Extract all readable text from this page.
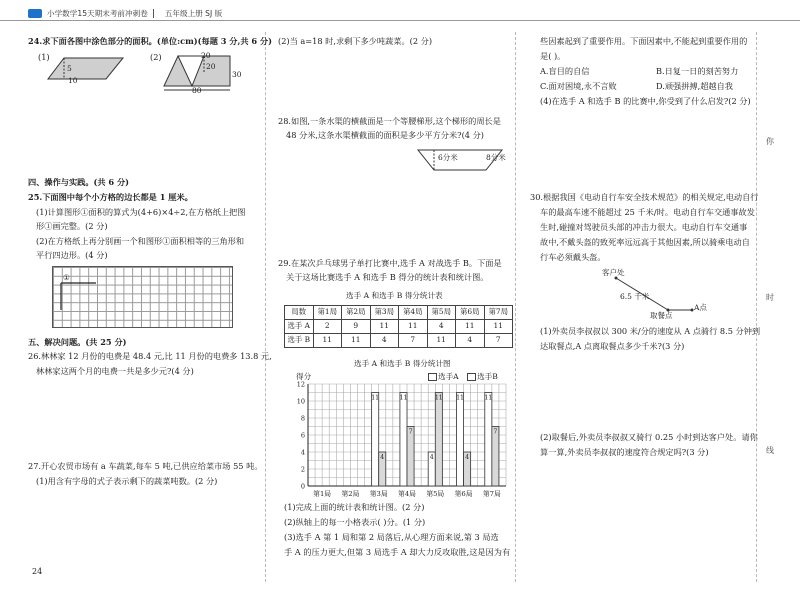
小学数学15天期末考前冲刺卷 五年级上册 SJ 版
你
时
线
24.求下面各图中涂色部分的面积。(单位:cm)(每题 3 分,共 6 分)
(1)
5
10
(2)	20
20
30
80
四、操作与实践。(共 6 分)
25.下面图中每个小方格的边长都是 1 厘米。
(1)计算图形①面积的算式为(4+6)×4÷2,在方格纸上把图
形①画完整。(2 分)
(2)在方格纸上再分别画一个和图形①面积相等的三角形和
平行四边形。(4 分)
①
五、解决问题。(共 25 分)
26.林林家 12 月份的电费是 48.4 元,比 11 月份的电费多 13.8 元,
林林家这两个月的电费一共是多少元?(4 分)
27.开心农贸市场有 a 车蔬菜,每车 5 吨,已供应给菜市场 55 吨。
(1)用含有字母的式子表示剩下的蔬菜吨数。(2 分)
24
(2)当 a=18 时,求剩下多少吨蔬菜。(2 分)
28.如图,一条水渠的横截面是一个等腰梯形,这个梯形的周长是
48 分米,这条水渠横截面的面积是多少平方分米?(4 分)
6分米	8分米
29.在某次乒乓球男子单打比赛中,选手 A 对战选手 B。下面是
关于这场比赛选手 A 和选手 B 得分的统计表和统计图。
选手 A 和选手 B 得分统计表
局数	第1局	第2局	第3局	第4局	第5局	第6局	第7局
选手 A	2	9	11	11	4	11	11
选手 B	11	11	4	7	11	4	7
选手 A 和选手 B 得分统计图
选手A 选手B
得分
0
2
4
6
8
10
12
第1局 第2局 第3局
11
4
第4局
11
7
第5局
4
11
第6局
11
4
第7局
11
7
(1)完成上面的统计表和统计图。(2 分)
(2)纵轴上的每一小格表示( )分。(1 分)
(3)选手 A 第 1 局和第 2 局落后,从心理方面来说,第 3 局选
手 A 的压力更大,但第 3 局选手 A 却大力反攻取胜,这是因为有
些因素起到了重要作用。下面因素中,不能起到重要作用的
是( )。
A.盲目的自信	B.日复一日的刻苦努力
C.面对困境,永不言败	D.顽强拼搏,超越自我
(4)在选手 A 和选手 B 的比赛中,你受到了什么启发?(2 分)
30.根据我国《电动自行车安全技术规范》的相关规定,电动自行
车的最高车速不能超过 25 千米/时。电动自行车交通事故发
生时,碰撞对驾驶员头部的冲击力很大。电动自行车交通事
故中,不戴头盔的致死率远远高于其他因素,所以骑乘电动自
行车必须戴头盔。
客户处
6.5 千米
A点
取餐点
(1)外卖员李叔叔以 300 米/分的速度从 A 点骑行 8.5 分钟到
达取餐点,A 点离取餐点多少千米?(3 分)
(2)取餐后,外卖员李叔叔又骑行 0.25 小时到达客户处。请你
算一算,外卖员李叔叔的速度符合规定吗?(3 分)
